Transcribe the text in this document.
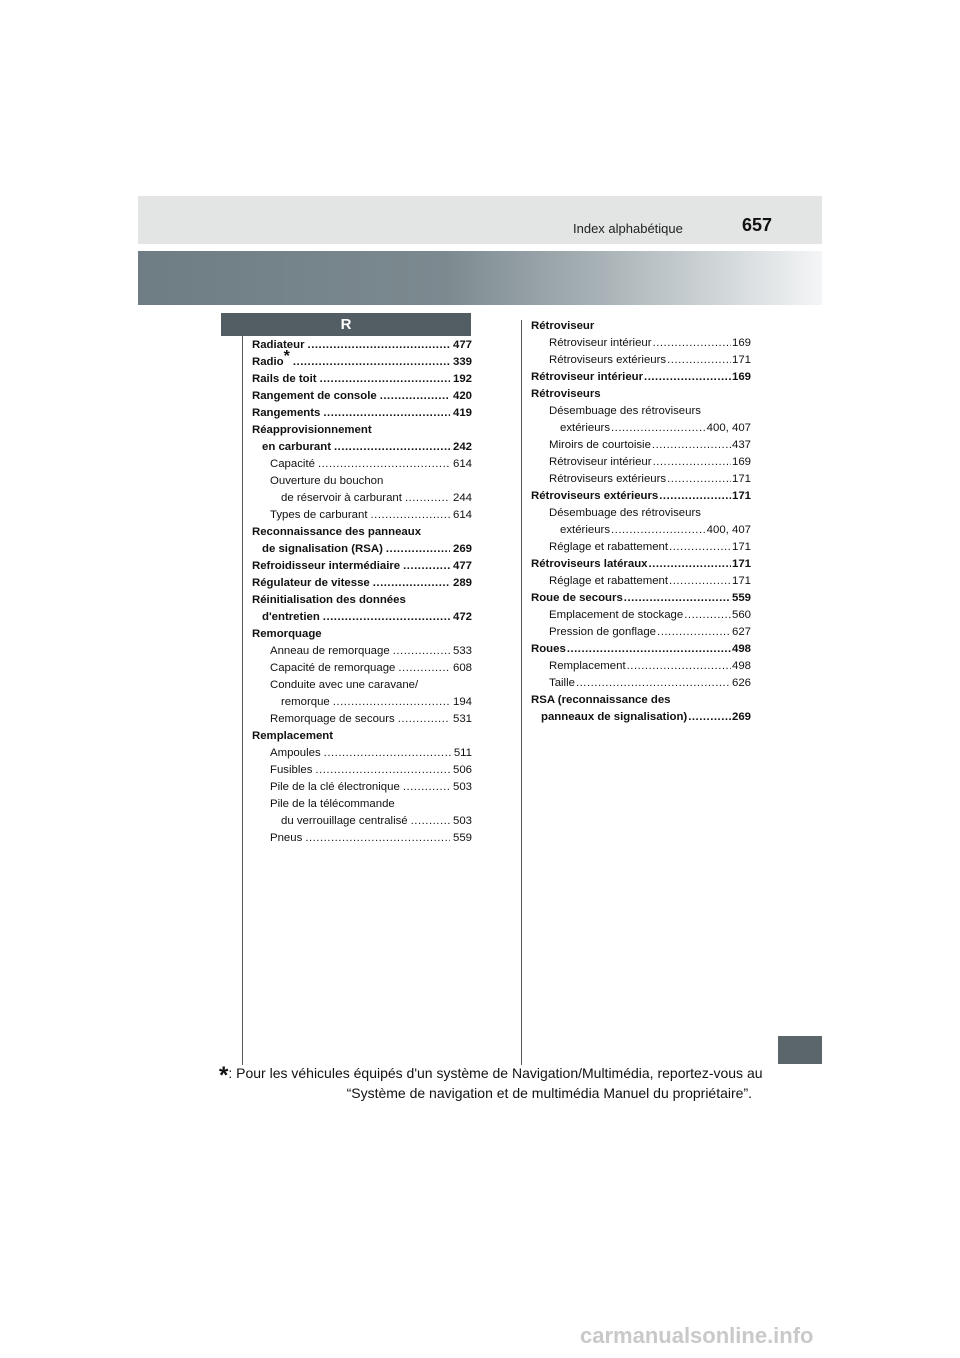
Index alphabétique	657
R
Radiateur .....	477
Radio* .....	339
Rails de toit .....	192
Rangement de console .....	420
Rangements .....	419
Réapprovisionnement
en carburant .....	242
Capacité .....	614
Ouverture du bouchon
de réservoir à carburant .....	244
Types de carburant .....	614
Reconnaissance des panneaux
de signalisation (RSA) .....	269
Refroidisseur intermédiaire .....	477
Régulateur de vitesse .....	289
Réinitialisation des données
d'entretien .....	472
Remorquage
Anneau de remorquage .....	533
Capacité de remorquage .....	608
Conduite avec une caravane/
remorque .....	194
Remorquage de secours .....	531
Remplacement
Ampoules .....	511
Fusibles .....	506
Pile de la clé électronique .....	503
Pile de la télécommande
du verrouillage centralisé .....	503
Pneus .....	559
Rétroviseur
Rétroviseur intérieur .....	169
Rétroviseurs extérieurs .....	171
Rétroviseur intérieur .....	169
Rétroviseurs
Désembuage des rétroviseurs
extérieurs .....	400, 407
Miroirs de courtoisie .....	437
Rétroviseur intérieur .....	169
Rétroviseurs extérieurs .....	171
Rétroviseurs extérieurs .....	171
Désembuage des rétroviseurs
extérieurs .....	400, 407
Réglage et rabattement .....	171
Rétroviseurs latéraux .....	171
Réglage et rabattement .....	171
Roue de secours .....	559
Emplacement de stockage .....	560
Pression de gonflage .....	627
Roues .....	498
Remplacement .....	498
Taille .....	626
RSA (reconnaissance des
panneaux de signalisation) .....	269
*: Pour les véhicules équipés d'un système de Navigation/Multimédia, reportez-vous au
“Système de navigation et de multimédia Manuel du propriétaire”.
carmanualsonline.info
